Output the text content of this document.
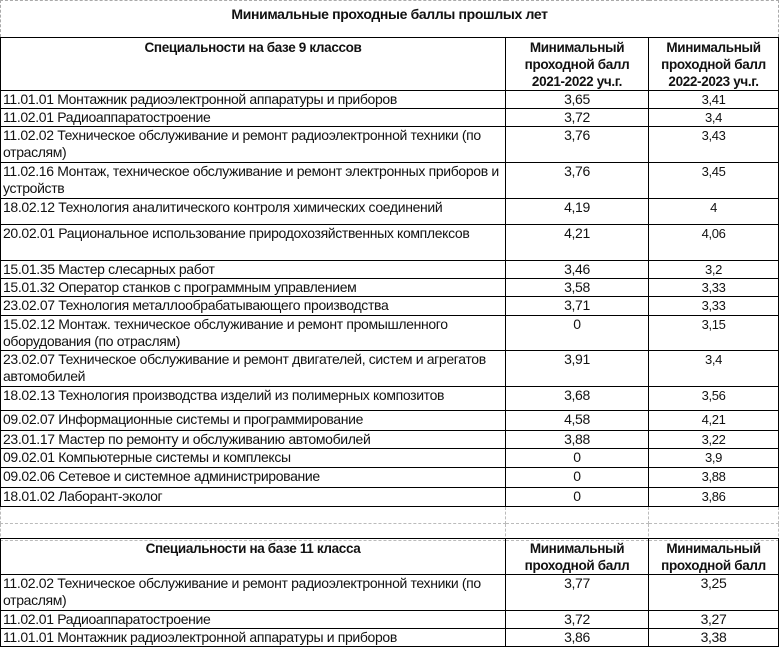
Минимальные проходные баллы прошлых лет		
Специальности на базе 9 классов	Минимальный проходной балл 2021-2022 уч.г.	Минимальный проходной балл 2022-2023 уч.г.
11.01.01 Монтажник радиоэлектронной аппаратуры и приборов	3,65	3,41
11.02.01 Радиоаппаратостроение	3,72	3,4
11.02.02 Техническое обслуживание и ремонт радиоэлектронной техники (по отраслям)	3,76	3,43
11.02.16 Монтаж, техническое обслуживание и ремонт электронных приборов и устройств	3,76	3,45
18.02.12 Технология аналитического контроля химических соединений	4,19	4
20.02.01 Рациональное использование природохозяйственных комплексов	4,21	4,06
15.01.35 Мастер слесарных работ	3,46	3,2
15.01.32 Оператор станков с программным управлением	3,58	3,33
23.02.07 Технология металлообрабатывающего производства	3,71	3,33
15.02.12 Монтаж. техническое обслуживание и ремонт промышленного оборудования (по отраслям)	0	3,15
23.02.07 Техническое обслуживание и ремонт двигателей, систем и агрегатов автомобилей	3,91	3,4
18.02.13 Технология производства изделий из полимерных композитов	3,68	3,56
09.02.07 Информационные системы и программирование	4,58	4,21
23.01.17 Мастер по ремонту и обслуживанию автомобилей	3,88	3,22
09.02.01 Компьютерные системы и комплексы	0	3,9
09.02.06 Сетевое и системное администрирование	0	3,88
18.01.02 Лаборант-эколог	0	3,86

Специальности на базе 11 класса	Минимальный проходной балл	Минимальный проходной балл
11.02.02 Техническое обслуживание и ремонт радиоэлектронной техники (по отраслям)	3,77	3,25
11.02.01 Радиоаппаратостроение	3,72	3,27
11.01.01 Монтажник радиоэлектронной аппаратуры и приборов	3,86	3,38
